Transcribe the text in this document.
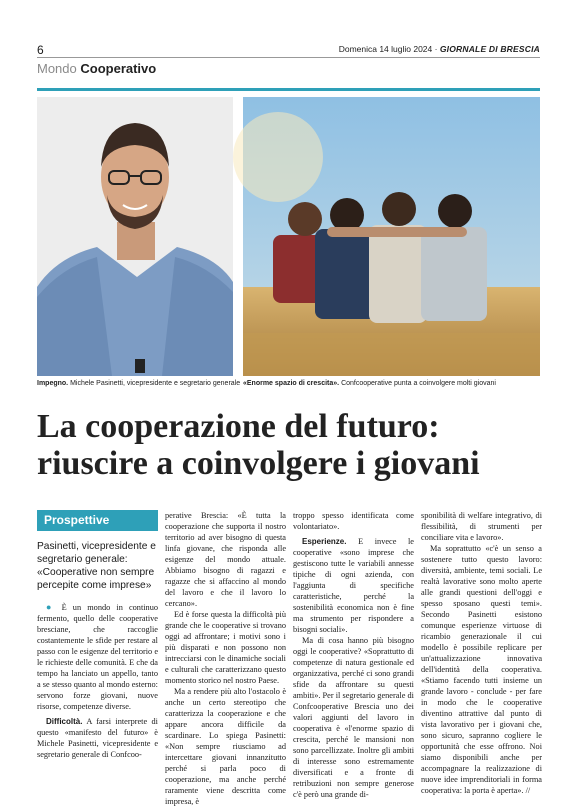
6	Domenica 14 luglio 2024 · GIORNALE DI BRESCIA
Mondo Cooperativo
Impegno. Michele Pasinetti, vicepresidente e segretario generale «Enorme spazio di crescita». Confcooperative punta a coinvolgere molti giovani
La cooperazione del futuro:
riuscire a coinvolgere i giovani
Prospettive
Pasinetti, vicepresidente e segretario generale: «Cooperative non sempre percepite come imprese»

● È un mondo in continuo fermento, quello delle cooperative bresciane, che raccoglie costantemente le sfide per restare al passo con le esigenze del territorio e le richieste delle comunità. E che da tempo ha lanciato un appello, tanto a se stesso quanto al mondo esterno: servono forze giovani, nuove risorse, competenze diverse.

Difficoltà. A farsi interprete di questo «manifesto del futuro» è Michele Pasinetti, vicepresidente e segretario generale di Confcoo-

perative Brescia: «È tutta la cooperazione che supporta il nostro territorio ad aver bisogno di questa linfa giovane, che risponda alle esigenze del mondo attuale. Abbiamo bisogno di ragazzi e ragazze che si affaccino al mondo del lavoro e che il lavoro lo cercano».

Ed è forse questa la difficoltà più grande che le cooperative si trovano oggi ad affrontare; i motivi sono i più disparati e non possono non intrecciarsi con le dinamiche sociali e culturali che caratterizzano questo momento storico nel nostro Paese.

Ma a rendere più alto l'ostacolo è anche un certo stereotipo che caratterizza la cooperazione e che appare ancora difficile da scardinare. Lo spiega Pasinetti: «Non sempre riusciamo ad intercettare giovani innanzitutto perché si parla poco di cooperazione, ma anche perché raramente viene descritta come impresa, è

troppo spesso identificata come volontariato».

Esperienze. E invece le cooperative «sono imprese che gestiscono tutte le variabili annesse tipiche di ogni azienda, con l'aggiunta di specifiche caratteristiche, perché la sostenibilità economica non è fine ma strumento per rispondere a bisogni sociali».

Ma di cosa hanno più bisogno oggi le cooperative? «Soprattutto di competenze di natura gestionale ed organizzativa, perché ci sono grandi sfide da affrontare su questi ambiti». Per il segretario generale di Confcooperative Brescia uno dei valori aggiunti del lavoro in cooperativa è «l'enorme spazio di crescita, perché le mansioni non sono parcellizzate. Inoltre gli ambiti di interesse sono estremamente diversificati e a fronte di retribuzioni non sempre generose c'è però una grande di-

sponibilità di welfare integrativo, di flessibilità, di strumenti per conciliare vita e lavoro».

Ma soprattutto «c'è un senso a sostenere tutto questo lavoro: diversità, ambiente, temi sociali. Le realtà lavorative sono molto aperte alle grandi questioni dell'oggi e spesso sposano questi temi». Secondo Pasinetti esistono comunque esperienze virtuose di ricambio generazionale il cui modello è possibile replicare per un'attualizzazione innovativa dell'identità della cooperativa. «Stiamo facendo tutti insieme un grande lavoro - conclude - per fare in modo che le cooperative diventino attrattive dal punto di vista lavorativo per i giovani che, sono sicuro, sapranno cogliere le opportunità che esse offrono. Noi siamo disponibili anche per accompagnare la realizzazione di nuove idee imprenditoriali in forma cooperativa: la porta è aperta». //
